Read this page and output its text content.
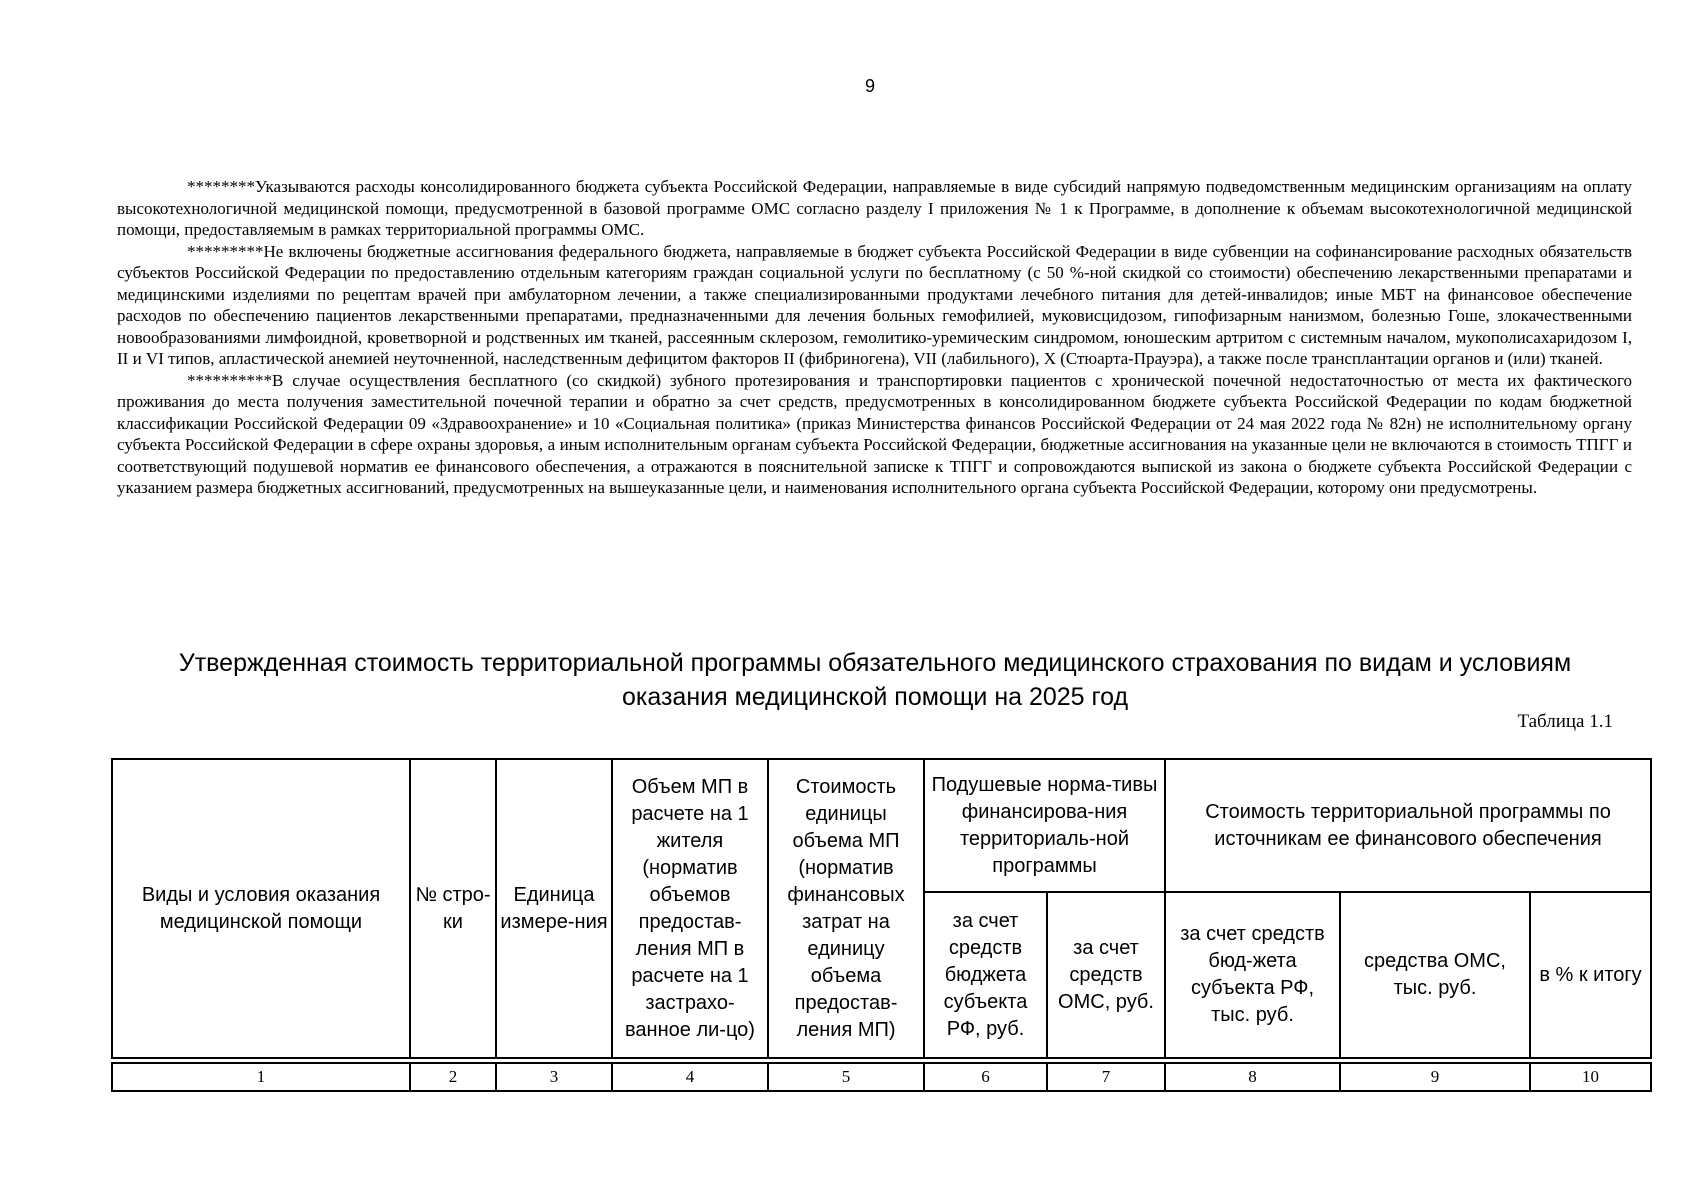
9

********Указываются расходы консолидированного бюджета субъекта Российской Федерации, направляемые в виде субсидий напрямую подведомственным медицинским организациям на оплату высокотехнологичной медицинской помощи, предусмотренной в базовой программе ОМС согласно разделу I приложения № 1 к Программе, в дополнение к объемам высокотехнологичной медицинской помощи, предоставляемым в рамках территориальной программы ОМС.

*********Не включены бюджетные ассигнования федерального бюджета, направляемые в бюджет субъекта Российской Федерации в виде субвенции на софинансирование расходных обязательств субъектов Российской Федерации по предоставлению отдельным категориям граждан социальной услуги по бесплатному (с 50 %-ной скидкой со стоимости) обеспечению лекарственными препаратами и медицинскими изделиями по рецептам врачей при амбулаторном лечении, а также специализированными продуктами лечебного питания для детей-инвалидов; иные МБТ на финансовое обеспечение расходов по обеспечению пациентов лекарственными препаратами, предназначенными для лечения больных гемофилией, муковисцидозом, гипофизарным нанизмом, болезнью Гоше, злокачественными новообразованиями лимфоидной, кроветворной и родственных им тканей, рассеянным склерозом, гемолитико-уремическим синдромом, юношеским артритом с системным началом, мукополисахаридозом I, II и VI типов, апластической анемией неуточненной, наследственным дефицитом факторов II (фибриногена), VII (лабильного), X (Стюарта-Прауэра), а также после трансплантации органов и (или) тканей.

**********В случае осуществления бесплатного (со скидкой) зубного протезирования и транспортировки пациентов с хронической почечной недостаточностью от места их фактического проживания до места получения заместительной почечной терапии и обратно за счет средств, предусмотренных в консолидированном бюджете субъекта Российской Федерации по кодам бюджетной классификации Российской Федерации 09 «Здравоохранение» и 10 «Социальная политика» (приказ Министерства финансов Российской Федерации от 24 мая 2022 года № 82н) не исполнительному органу субъекта Российской Федерации в сфере охраны здоровья, а иным исполнительным органам субъекта Российской Федерации, бюджетные ассигнования на указанные цели не включаются в стоимость ТПГГ и соответствующий подушевой норматив ее финансового обеспечения, а отражаются в пояснительной записке к ТПГГ и сопровождаются выпиской из закона о бюджете субъекта Российской Федерации с указанием размера бюджетных ассигнований, предусмотренных на вышеуказанные цели, и наименования исполнительного органа субъекта Российской Федерации, которому они предусмотрены.

Утвержденная стоимость территориальной программы обязательного медицинского страхования по видам и условиям
оказания медицинской помощи на 2025 год
Таблица 1.1
Виды и условия оказания медицинской помощи	№ стро-ки	Единица измере-ния	Объем МП в расчете на 1 жителя (норматив объемов предостав-ления МП в расчете на 1 застрахо-ванное ли-цо)	Стоимость единицы объема МП (норматив финансовых затрат на единицу объема предостав-ления МП)	Подушевые норма-тивы финансирова-ния территориаль-ной программы		Стоимость территориальной программы по источникам ее финансового обеспечения		
					за счет средств бюджета субъекта РФ, руб.	за счет средств ОМС, руб.	за счет средств бюд-жета субъекта РФ, тыс. руб.	средства ОМС, тыс. руб.	в % к итогу

1	2	3	4	5	6	7	8	9	10
